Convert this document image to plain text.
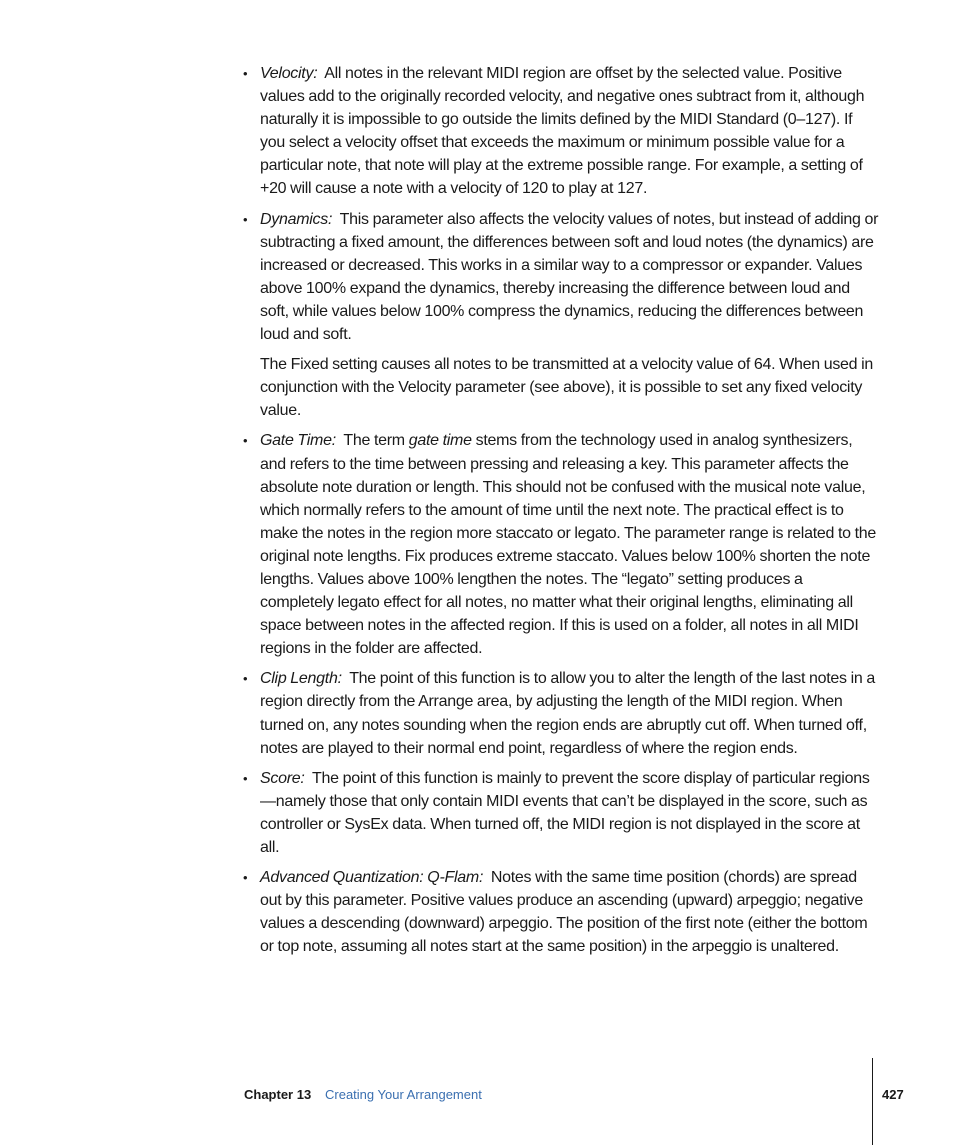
• Velocity: All notes in the relevant MIDI region are offset by the selected value. Positive values add to the originally recorded velocity, and negative ones subtract from it, although naturally it is impossible to go outside the limits defined by the MIDI Standard (0–127). If you select a velocity offset that exceeds the maximum or minimum possible value for a particular note, that note will play at the extreme possible range. For example, a setting of +20 will cause a note with a velocity of 120 to play at 127.
• Dynamics: This parameter also affects the velocity values of notes, but instead of adding or subtracting a fixed amount, the differences between soft and loud notes (the dynamics) are increased or decreased. This works in a similar way to a compressor or expander. Values above 100% expand the dynamics, thereby increasing the difference between loud and soft, while values below 100% compress the dynamics, reducing the differences between loud and soft.
The Fixed setting causes all notes to be transmitted at a velocity value of 64. When used in conjunction with the Velocity parameter (see above), it is possible to set any fixed velocity value.
• Gate Time: The term gate time stems from the technology used in analog synthesizers, and refers to the time between pressing and releasing a key. This parameter affects the absolute note duration or length. This should not be confused with the musical note value, which normally refers to the amount of time until the next note. The practical effect is to make the notes in the region more staccato or legato. The parameter range is related to the original note lengths. Fix produces extreme staccato. Values below 100% shorten the note lengths. Values above 100% lengthen the notes. The “legato” setting produces a completely legato effect for all notes, no matter what their original lengths, eliminating all space between notes in the affected region. If this is used on a folder, all notes in all MIDI regions in the folder are affected.
• Clip Length: The point of this function is to allow you to alter the length of the last notes in a region directly from the Arrange area, by adjusting the length of the MIDI region. When turned on, any notes sounding when the region ends are abruptly cut off. When turned off, notes are played to their normal end point, regardless of where the region ends.
• Score: The point of this function is mainly to prevent the score display of particular regions—namely those that only contain MIDI events that can’t be displayed in the score, such as controller or SysEx data. When turned off, the MIDI region is not displayed in the score at all.
• Advanced Quantization: Q-Flam: Notes with the same time position (chords) are spread out by this parameter. Positive values produce an ascending (upward) arpeggio; negative values a descending (downward) arpeggio. The position of the first note (either the bottom or top note, assuming all notes start at the same position) in the arpeggio is unaltered.
Chapter 13 Creating Your Arrangement	427
